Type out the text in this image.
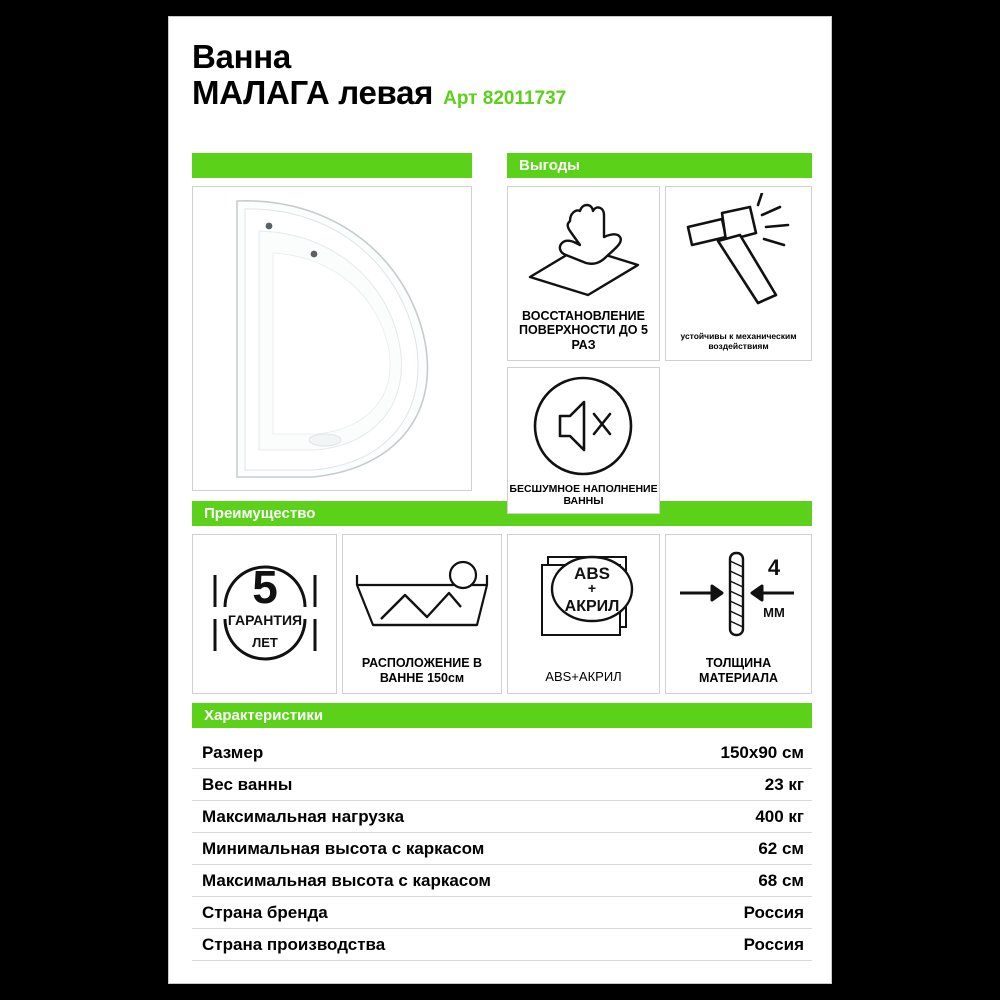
Ванна
МАЛАГА левая Арт 82011737
Выгоды
Преимущество
Характеристики
ВОССТАНОВЛЕНИЕ ПОВЕРХНОСТИ ДО 5 РАЗ
устойчивы к механическим воздействиям
БЕСШУМНОЕ НАПОЛНЕНИЕ ВАННЫ
5
ГАРАНТИЯ
ЛЕТ
РАСПОЛОЖЕНИЕ В ВАННЕ 150см
ABS
+
АКРИЛ
ABS+АКРИЛ
4
ММ
ТОЛЩИНА МАТЕРИАЛА
Размер	150х90 см
Вес ванны	23 кг
Максимальная нагрузка	400 кг
Минимальная высота с каркасом	62 см
Максимальная высота с каркасом	68 см
Страна бренда	Россия
Страна производства	Россия
